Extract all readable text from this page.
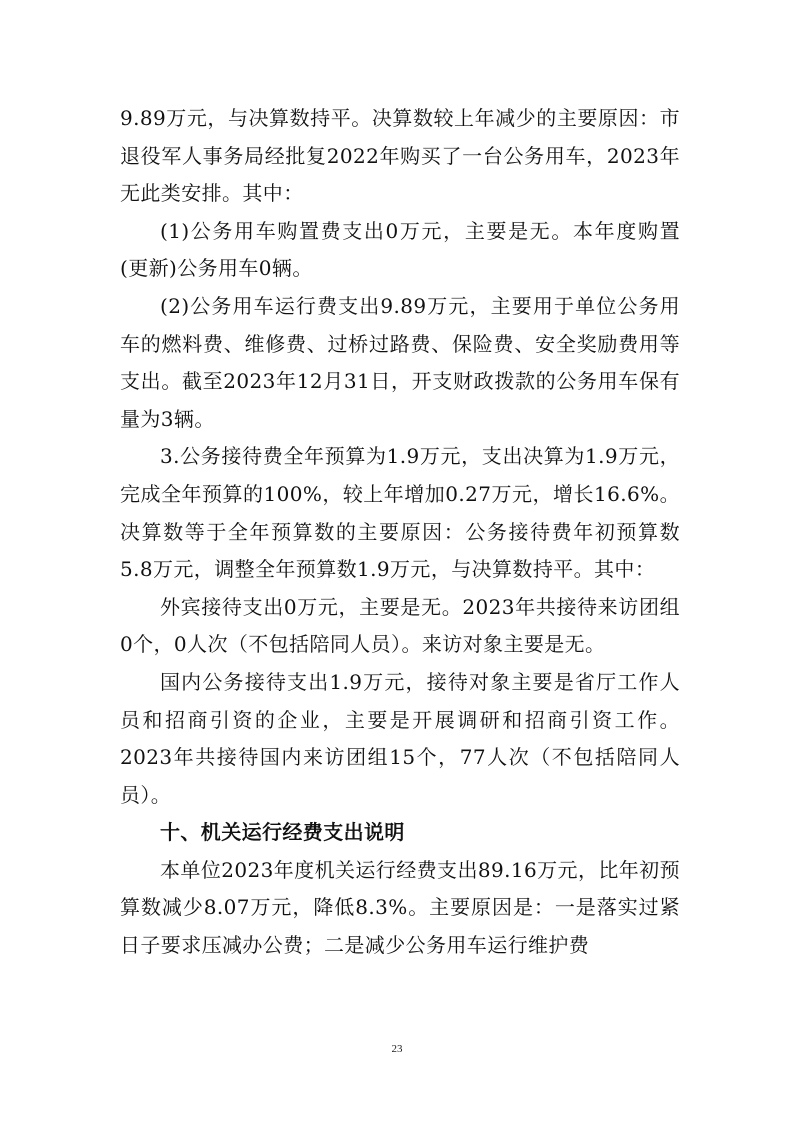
9.89万元，与决算数持平。决算数较上年减少的主要原因：市退役军人事务局经批复2022年购买了一台公务用车，2023年无此类安排。其中：

(1)公务用车购置费支出0万元，主要是无。本年度购置(更新)公务用车0辆。

(2)公务用车运行费支出9.89万元，主要用于单位公务用车的燃料费、维修费、过桥过路费、保险费、安全奖励费用等支出。截至2023年12月31日，开支财政拨款的公务用车保有量为3辆。

3.公务接待费全年预算为1.9万元，支出决算为1.9万元，完成全年预算的100%，较上年增加0.27万元，增长16.6%。决算数等于全年预算数的主要原因：公务接待费年初预算数5.8万元，调整全年预算数1.9万元，与决算数持平。其中：

外宾接待支出0万元，主要是无。2023年共接待来访团组0个，0人次（不包括陪同人员）。来访对象主要是无。

国内公务接待支出1.9万元，接待对象主要是省厅工作人员和招商引资的企业，主要是开展调研和招商引资工作。2023年共接待国内来访团组15个，77人次（不包括陪同人员）。

十、机关运行经费支出说明

本单位2023年度机关运行经费支出89.16万元，比年初预算数减少8.07万元，降低8.3%。主要原因是：一是落实过紧日子要求压减办公费；二是减少公务用车运行维护费

23
